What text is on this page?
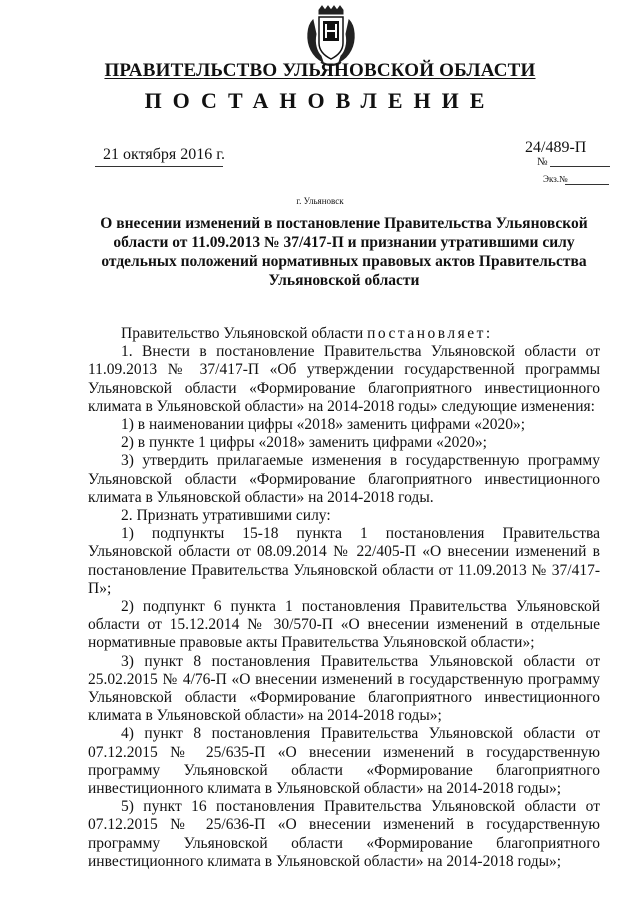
ПРАВИТЕЛЬСТВО УЛЬЯНОВСКОЙ ОБЛАСТИ
ПОСТАНОВЛЕНИЕ
21 октября 2016 г.	24/489-П
№
Экз.№
г. Ульяновск
О внесении изменений в постановление Правительства Ульяновской области от 11.09.2013 № 37/417-П и признании утратившими силу отдельных положений нормативных правовых актов Правительства Ульяновской области

Правительство Ульяновской области постановляет:

1. Внести в постановление Правительства Ульяновской области от 11.09.2013 № 37/417-П «Об утверждении государственной программы Ульяновской области «Формирование благоприятного инвестиционного климата в Ульяновской области» на 2014-2018 годы» следующие изменения:

1) в наименовании цифры «2018» заменить цифрами «2020»;

2) в пункте 1 цифры «2018» заменить цифрами «2020»;

3) утвердить прилагаемые изменения в государственную программу Ульяновской области «Формирование благоприятного инвестиционного климата в Ульяновской области» на 2014-2018 годы.

2. Признать утратившими силу:

1) подпункты 15-18 пункта 1 постановления Правительства Ульяновской области от 08.09.2014 № 22/405-П «О внесении изменений в постановление Правительства Ульяновской области от 11.09.2013 № 37/417-П»;

2) подпункт 6 пункта 1 постановления Правительства Ульяновской области от 15.12.2014 № 30/570-П «О внесении изменений в отдельные нормативные правовые акты Правительства Ульяновской области»;

3) пункт 8 постановления Правительства Ульяновской области от 25.02.2015 № 4/76-П «О внесении изменений в государственную программу Ульяновской области «Формирование благоприятного инвестиционного климата в Ульяновской области» на 2014-2018 годы»;

4) пункт 8 постановления Правительства Ульяновской области от 07.12.2015 № 25/635-П «О внесении изменений в государственную программу Ульяновской области «Формирование благоприятного инвестиционного климата в Ульяновской области» на 2014-2018 годы»;

5) пункт 16 постановления Правительства Ульяновской области от 07.12.2015 № 25/636-П «О внесении изменений в государственную программу Ульяновской области «Формирование благоприятного инвестиционного климата в Ульяновской области» на 2014-2018 годы»;
